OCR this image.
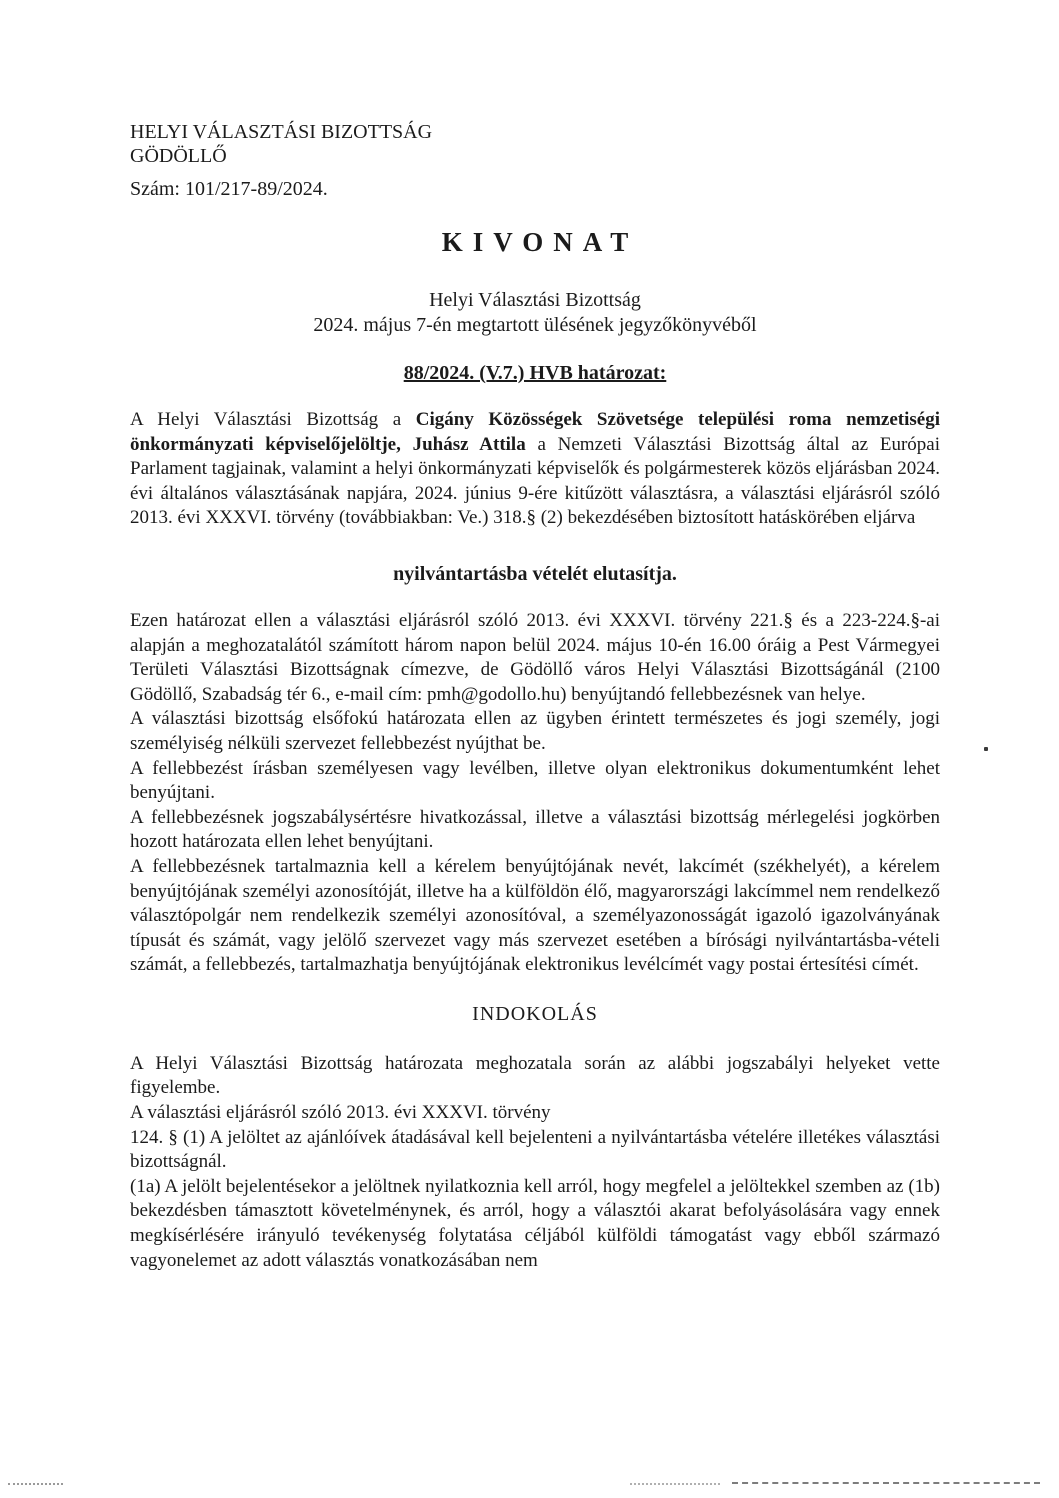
HELYI VÁLASZTÁSI BIZOTTSÁG
GÖDÖLLŐ
Szám: 101/217-89/2024.
KIVONAT
Helyi Választási Bizottság
2024. május 7-én megtartott ülésének jegyzőkönyvéből
88/2024. (V.7.) HVB határozat:

A Helyi Választási Bizottság a Cigány Közösségek Szövetsége települési roma nemzetiségi önkormányzati képviselőjelöltje, Juhász Attila a Nemzeti Választási Bizottság által az Európai Parlament tagjainak, valamint a helyi önkormányzati képviselők és polgármesterek közös eljárásban 2024. évi általános választásának napjára, 2024. június 9-ére kitűzött választásra, a választási eljárásról szóló 2013. évi XXXVI. törvény (továbbiakban: Ve.) 318.§ (2) bekezdésében biztosított hatáskörében eljárva

nyilvántartásba vételét elutasítja.

Ezen határozat ellen a választási eljárásról szóló 2013. évi XXXVI. törvény 221.§ és a 223-224.§-ai alapján a meghozatalától számított három napon belül 2024. május 10-én 16.00 óráig a Pest Vármegyei Területi Választási Bizottságnak címezve, de Gödöllő város Helyi Választási Bizottságánál (2100 Gödöllő, Szabadság tér 6., e-mail cím: pmh@godollo.hu) benyújtandó fellebbezésnek van helye.

A választási bizottság elsőfokú határozata ellen az ügyben érintett természetes és jogi személy, jogi személyiség nélküli szervezet fellebbezést nyújthat be.

A fellebbezést írásban személyesen vagy levélben, illetve olyan elektronikus dokumentumként lehet benyújtani.

A fellebbezésnek jogszabálysértésre hivatkozással, illetve a választási bizottság mérlegelési jogkörben hozott határozata ellen lehet benyújtani.

A fellebbezésnek tartalmaznia kell a kérelem benyújtójának nevét, lakcímét (székhelyét), a kérelem benyújtójának személyi azonosítóját, illetve ha a külföldön élő, magyarországi lakcímmel nem rendelkező választópolgár nem rendelkezik személyi azonosítóval, a személyazonosságát igazoló igazolványának típusát és számát, vagy jelölő szervezet vagy más szervezet esetében a bírósági nyilvántartásba-vételi számát, a fellebbezés, tartalmazhatja benyújtójának elektronikus levélcímét vagy postai értesítési címét.

INDOKOLÁS

A Helyi Választási Bizottság határozata meghozatala során az alábbi jogszabályi helyeket vette figyelembe.

A választási eljárásról szóló 2013. évi XXXVI. törvény

124. § (1) A jelöltet az ajánlóívek átadásával kell bejelenteni a nyilvántartásba vételére illetékes választási bizottságnál.

(1a) A jelölt bejelentésekor a jelöltnek nyilatkoznia kell arról, hogy megfelel a jelöltekkel szemben az (1b) bekezdésben támasztott követelménynek, és arról, hogy a választói akarat befolyásolására vagy ennek megkísérlésére irányuló tevékenység folytatása céljából külföldi támogatást vagy ebből származó vagyonelemet az adott választás vonatkozásában nem
